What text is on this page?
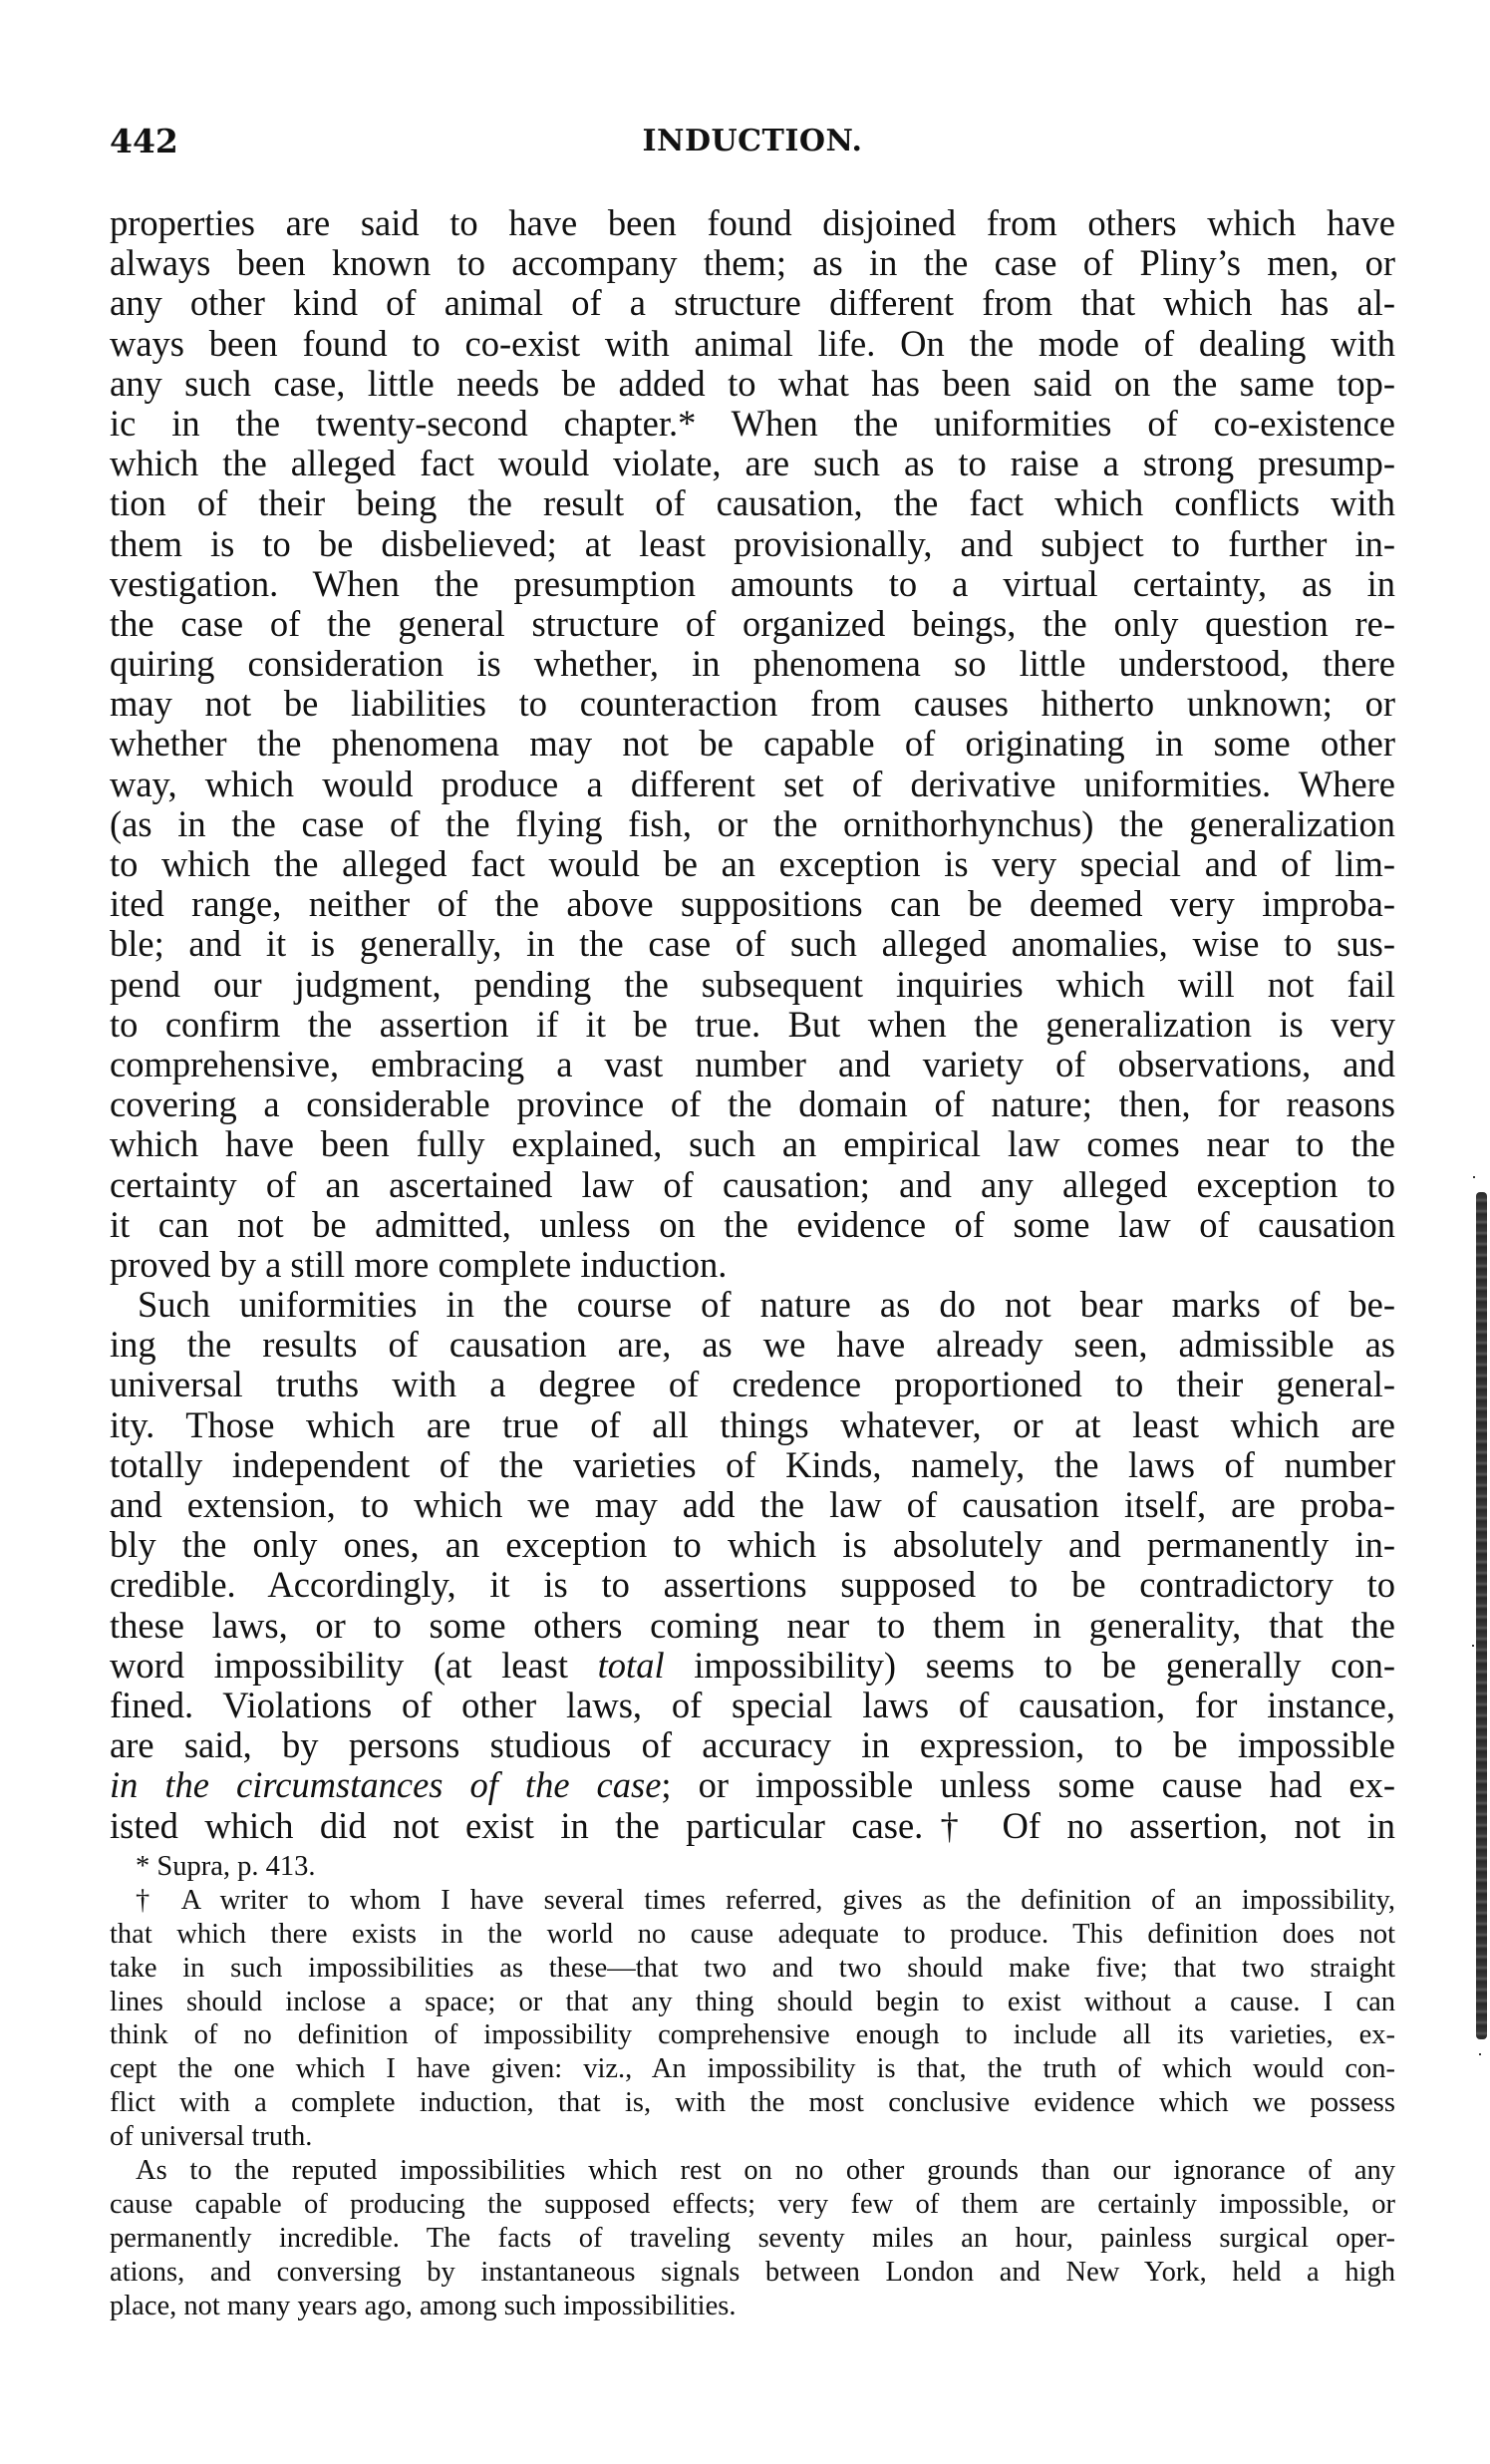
442	INDUCTION.
properties are said to have been found disjoined from others which have
always been known to accompany them; as in the case of Pliny’s men, or
any other kind of animal of a structure different from that which has al-
ways been found to co-exist with animal life. On the mode of dealing with
any such case, little needs be added to what has been said on the same top-
ic in the twenty-second chapter.* When the uniformities of co-existence
which the alleged fact would violate, are such as to raise a strong presump-
tion of their being the result of causation, the fact which conflicts with
them is to be disbelieved; at least provisionally, and subject to further in-
vestigation. When the presumption amounts to a virtual certainty, as in
the case of the general structure of organized beings, the only question re-
quiring consideration is whether, in phenomena so little understood, there
may not be liabilities to counteraction from causes hitherto unknown; or
whether the phenomena may not be capable of originating in some other
way, which would produce a different set of derivative uniformities. Where
(as in the case of the flying fish, or the ornithorhynchus) the generalization
to which the alleged fact would be an exception is very special and of lim-
ited range, neither of the above suppositions can be deemed very improba-
ble; and it is generally, in the case of such alleged anomalies, wise to sus-
pend our judgment, pending the subsequent inquiries which will not fail
to confirm the assertion if it be true. But when the generalization is very
comprehensive, embracing a vast number and variety of observations, and
covering a considerable province of the domain of nature; then, for reasons
which have been fully explained, such an empirical law comes near to the
certainty of an ascertained law of causation; and any alleged exception to
it can not be admitted, unless on the evidence of some law of causation
proved by a still more complete induction.
Such uniformities in the course of nature as do not bear marks of be-
ing the results of causation are, as we have already seen, admissible as
universal truths with a degree of credence proportioned to their general-
ity. Those which are true of all things whatever, or at least which are
totally independent of the varieties of Kinds, namely, the laws of number
and extension, to which we may add the law of causation itself, are proba-
bly the only ones, an exception to which is absolutely and permanently in-
credible. Accordingly, it is to assertions supposed to be contradictory to
these laws, or to some others coming near to them in generality, that the
word impossibility (at least total impossibility) seems to be generally con-
fined. Violations of other laws, of special laws of causation, for instance,
are said, by persons studious of accuracy in expression, to be impossible
in the circumstances of the case; or impossible unless some cause had ex-
isted which did not exist in the particular case.† Of no assertion, not in
* Supra, p. 413.
† A writer to whom I have several times referred, gives as the definition of an impossibility,
that which there exists in the world no cause adequate to produce. This definition does not
take in such impossibilities as these—that two and two should make five; that two straight
lines should inclose a space; or that any thing should begin to exist without a cause. I can
think of no definition of impossibility comprehensive enough to include all its varieties, ex-
cept the one which I have given: viz., An impossibility is that, the truth of which would con-
flict with a complete induction, that is, with the most conclusive evidence which we possess
of universal truth.
As to the reputed impossibilities which rest on no other grounds than our ignorance of any
cause capable of producing the supposed effects; very few of them are certainly impossible, or
permanently incredible. The facts of traveling seventy miles an hour, painless surgical oper-
ations, and conversing by instantaneous signals between London and New York, held a high
place, not many years ago, among such impossibilities.
